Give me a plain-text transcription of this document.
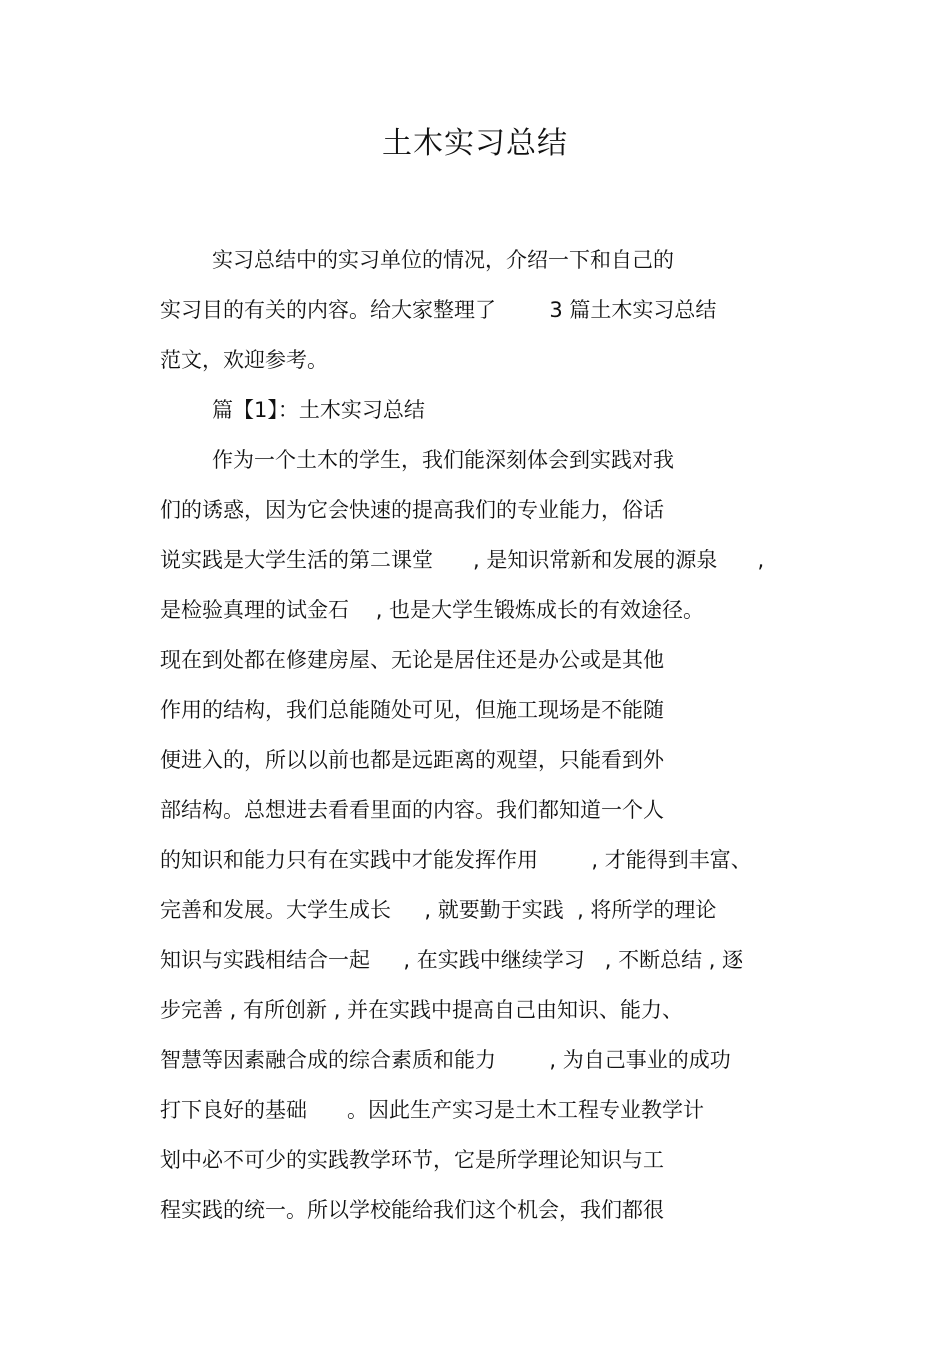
土木实习总结
实习总结中的实习单位的情况，介绍一下和自己的
实习目的有关的内容。给大家整理了        3 篇土木实习总结
范文，欢迎参考。
篇【1】：土木实习总结
作为一个土木的学生，我们能深刻体会到实践对我
们的诱惑，因为它会快速的提高我们的专业能力，俗话
说实践是大学生活的第二课堂      , 是知识常新和发展的源泉      ,
是检验真理的试金石    , 也是大学生锻炼成长的有效途径。
现在到处都在修建房屋、无论是居住还是办公或是其他
作用的结构，我们总能随处可见，但施工现场是不能随
便进入的，所以以前也都是远距离的观望，只能看到外
部结构。总想进去看看里面的内容。我们都知道一个人
的知识和能力只有在实践中才能发挥作用        , 才能得到丰富、
完善和发展。大学生成长     , 就要勤于实践  , 将所学的理论
知识与实践相结合一起     , 在实践中继续学习   , 不断总结 , 逐
步完善 , 有所创新 , 并在实践中提高自己由知识、能力、
智慧等因素融合成的综合素质和能力        , 为自己事业的成功
打下良好的基础      。因此生产实习是土木工程专业教学计
划中必不可少的实践教学环节，它是所学理论知识与工
程实践的统一。所以学校能给我们这个机会，我们都很
